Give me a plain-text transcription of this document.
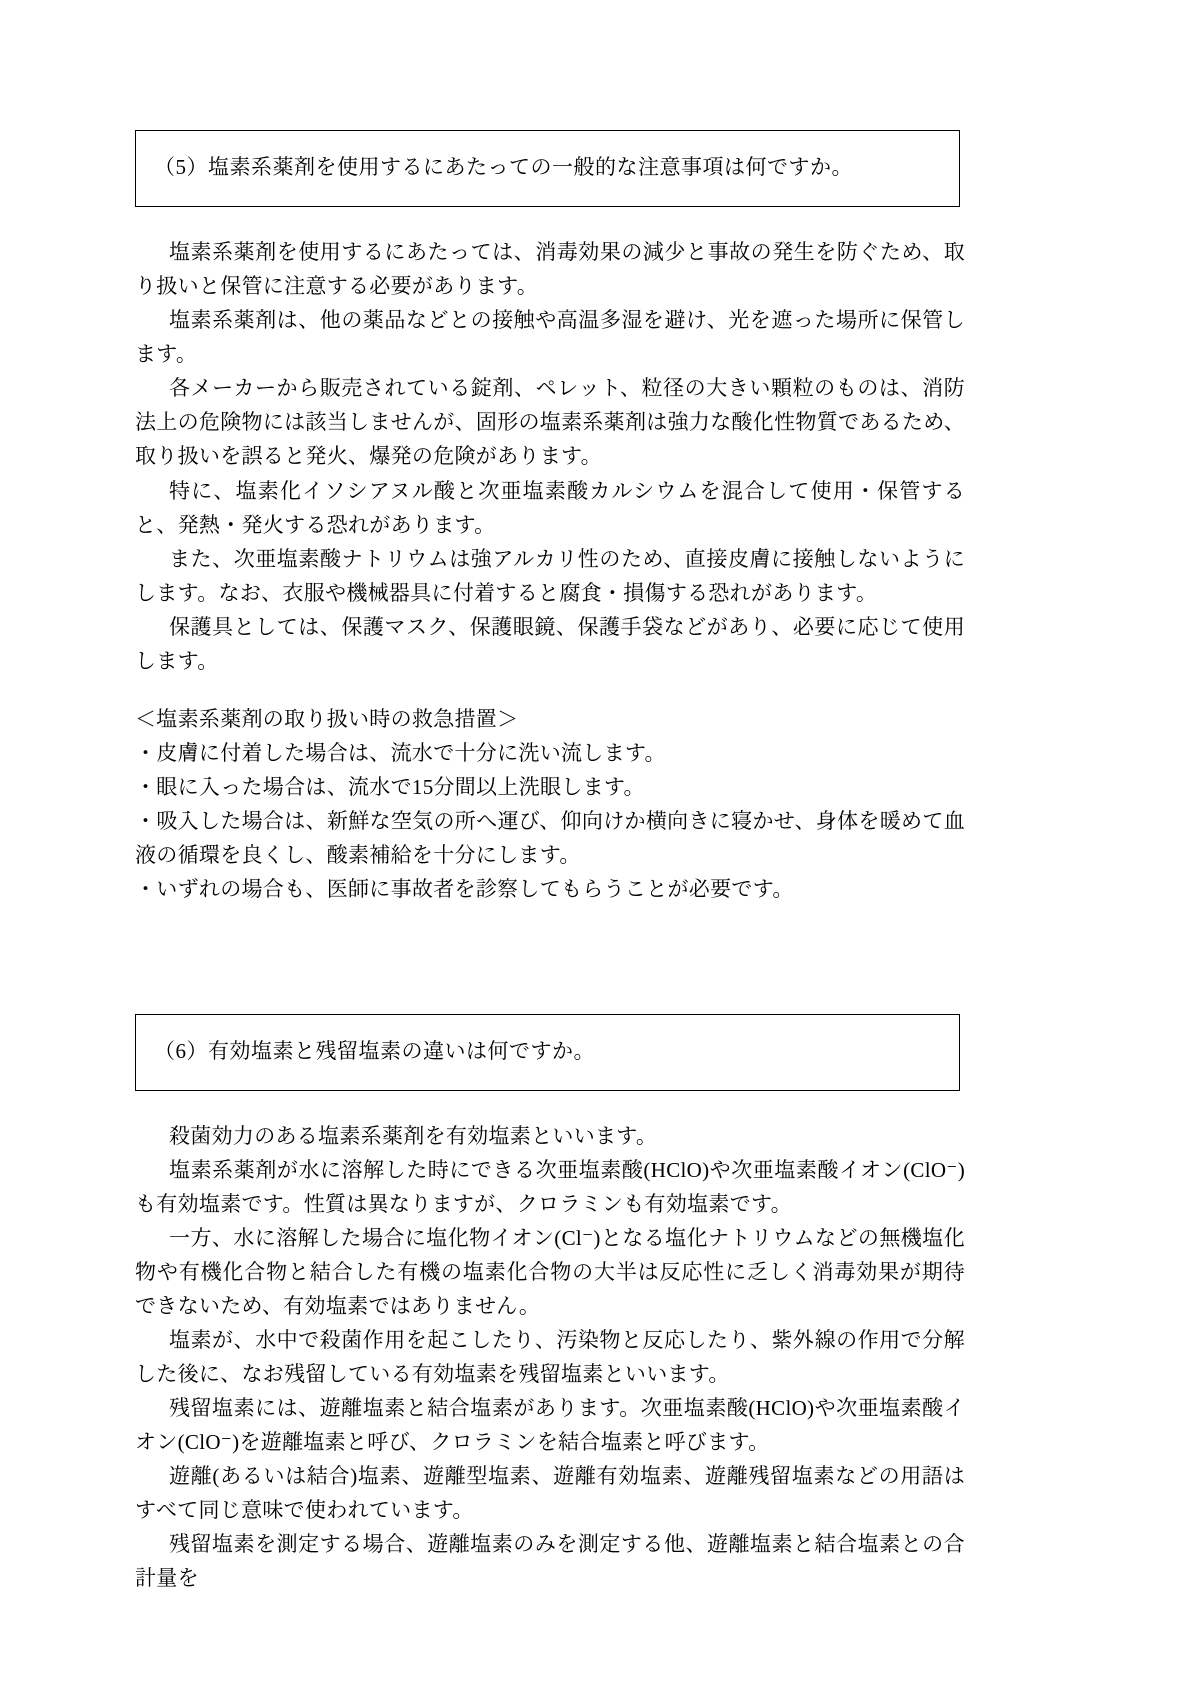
（5）塩素系薬剤を使用するにあたっての一般的な注意事項は何ですか。

塩素系薬剤を使用するにあたっては、消毒効果の減少と事故の発生を防ぐため、取り扱いと保管に注意する必要があります。

塩素系薬剤は、他の薬品などとの接触や高温多湿を避け、光を遮った場所に保管します。

各メーカーから販売されている錠剤、ペレット、粒径の大きい顆粒のものは、消防法上の危険物には該当しませんが、固形の塩素系薬剤は強力な酸化性物質であるため、取り扱いを誤ると発火、爆発の危険があります。

特に、塩素化イソシアヌル酸と次亜塩素酸カルシウムを混合して使用・保管すると、発熱・発火する恐れがあります。

また、次亜塩素酸ナトリウムは強アルカリ性のため、直接皮膚に接触しないようにします。なお、衣服や機械器具に付着すると腐食・損傷する恐れがあります。

保護具としては、保護マスク、保護眼鏡、保護手袋などがあり、必要に応じて使用します。

＜塩素系薬剤の取り扱い時の救急措置＞

・皮膚に付着した場合は、流水で十分に洗い流します。

・眼に入った場合は、流水で15分間以上洗眼します。

・吸入した場合は、新鮮な空気の所へ運び、仰向けか横向きに寝かせ、身体を暖めて血液の循環を良くし、酸素補給を十分にします。

・いずれの場合も、医師に事故者を診察してもらうことが必要です。

（6）有効塩素と残留塩素の違いは何ですか。

殺菌効力のある塩素系薬剤を有効塩素といいます。

塩素系薬剤が水に溶解した時にできる次亜塩素酸(HClO)や次亜塩素酸イオン(ClO⁻)も有効塩素です。性質は異なりますが、クロラミンも有効塩素です。

一方、水に溶解した場合に塩化物イオン(Cl⁻)となる塩化ナトリウムなどの無機塩化物や有機化合物と結合した有機の塩素化合物の大半は反応性に乏しく消毒効果が期待できないため、有効塩素ではありません。

塩素が、水中で殺菌作用を起こしたり、汚染物と反応したり、紫外線の作用で分解した後に、なお残留している有効塩素を残留塩素といいます。

残留塩素には、遊離塩素と結合塩素があります。次亜塩素酸(HClO)や次亜塩素酸イオン(ClO⁻)を遊離塩素と呼び、クロラミンを結合塩素と呼びます。

遊離(あるいは結合)塩素、遊離型塩素、遊離有効塩素、遊離残留塩素などの用語はすべて同じ意味で使われています。

残留塩素を測定する場合、遊離塩素のみを測定する他、遊離塩素と結合塩素との合計量を
